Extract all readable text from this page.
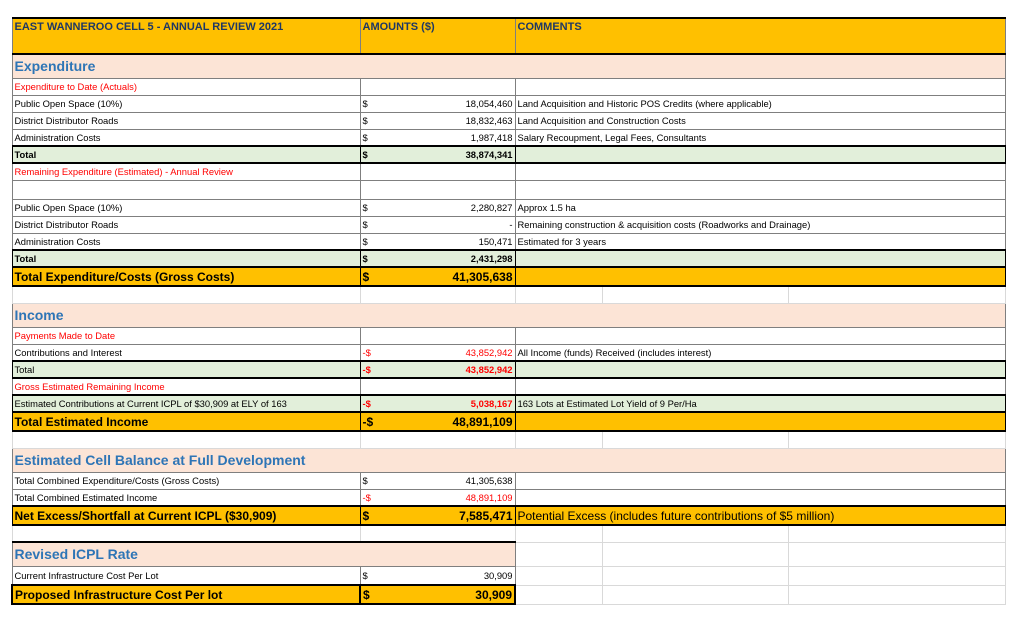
EAST WANNEROO CELL 5 - ANNUAL REVIEW 2021	AMOUNTS ($)	COMMENTS		
Expenditure				
Expenditure to Date (Actuals)				
Public Open Space (10%)	$ 18,054,460	Land Acquisition and Historic POS Credits (where applicable)		
District Distributor Roads	$ 18,832,463	Land Acquisition and Construction Costs		
Administration Costs	$ 1,987,418	Salary Recoupment, Legal Fees, Consultants		
Total	$ 38,874,341			

Remaining Expenditure (Estimated) - Annual Review				

Public Open Space (10%)	$ 2,280,827	Approx 1.5 ha		
District Distributor Roads	$ -	Remaining construction & acquisition costs (Roadworks and Drainage)		
Administration Costs	$ 150,471	Estimated for 3 years		
Total	$ 2,431,298			

Total Expenditure/Costs (Gross Costs)	$ 41,305,638			

Income				
Payments Made to Date				
Contributions and Interest	-$ 43,852,942	All Income (funds) Received (includes interest)		
Total	-$ 43,852,942			

Gross Estimated Remaining Income				
Estimated Contributions at Current ICPL of $30,909 at ELY of 163	-$ 5,038,167	163 Lots at Estimated Lot Yield of 9 Per/Ha		
Total Estimated Income	-$ 48,891,109			

Estimated Cell Balance at Full Development				
Total Combined Expenditure/Costs (Gross Costs)	$ 41,305,638			

Total Combined Estimated Income	-$ 48,891,109			

Net Excess/Shortfall at Current ICPL ($30,909)	$ 7,585,471	Potential Excess (includes future contributions of $5 million)		

Revised ICPL Rate				
Current Infrastructure Cost Per Lot	$ 30,909			

Proposed Infrastructure Cost Per lot	$ 30,909			
